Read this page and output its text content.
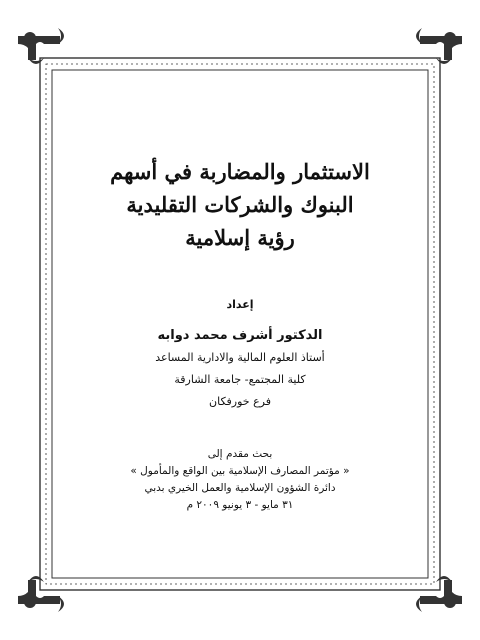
الاستثمار والمضاربة في أسهم
البنوك والشركات التقليدية
رؤية إسلامية
إعداد
الدكتور أشرف محمد دوابه
أستاذ العلوم المالية والادارية المساعد
كلية المجتمع- جامعة الشارقة
فرع خورفكان
بحث مقدم إلى
« مؤتمر المصارف الإسلامية بين الواقع والمأمول »
دائرة الشؤون الإسلامية والعمل الخيري بدبي
٣١ مايو - ٣ يونيو ٢٠٠٩ م
